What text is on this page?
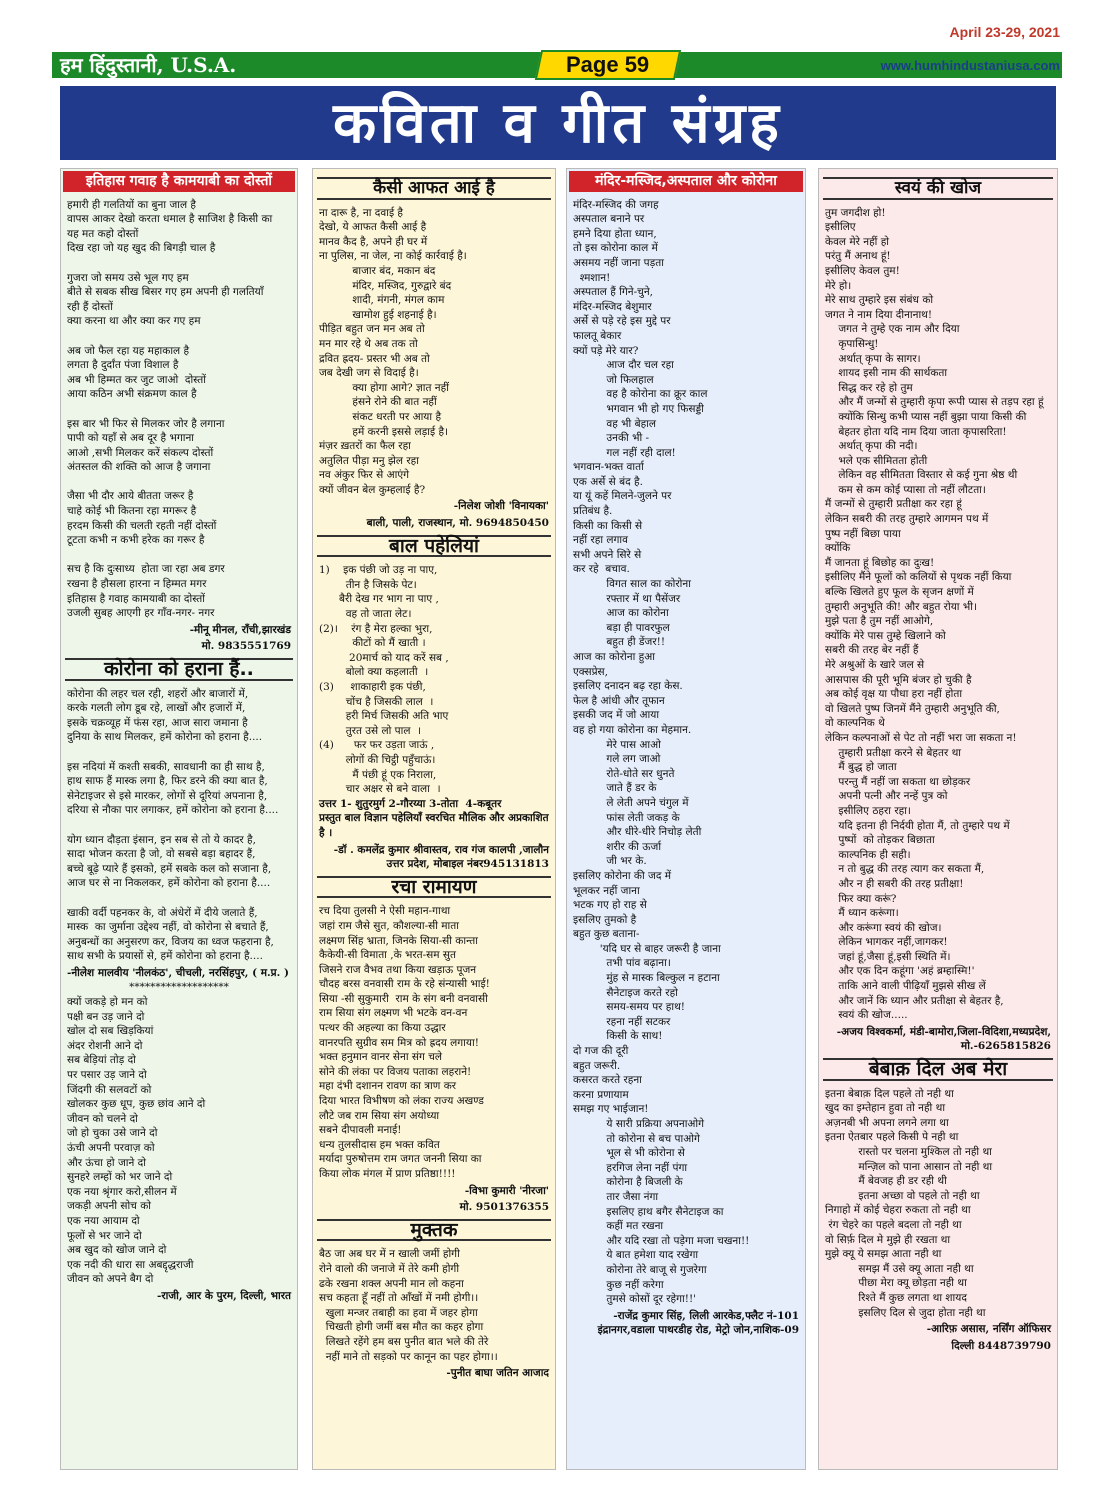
April 23-29, 2021
हम हिंदुस्तानी, U.S.A.	Page 59	www.humhindustaniusa.com
कविता व गीत संग्रह
इतिहास गवाह है कामयाबी का दोस्तों
हमारी ही गलतियों का बुना जाल है
वापस आकर देखो करता धमाल है साजिश है किसी का
यह मत कहो दोस्तों
दिख रहा जो यह खुद की बिगड़ी चाल है

गुजरा जो समय उसे भूल गए हम
बीते से सबक सीख बिसर गए हम अपनी ही गलतियाँ
रही हैं दोस्तों
क्या करना था और क्या कर गए हम

अब जो फैल रहा यह महाकाल है
लगता है दुर्दांत पंजा विशाल है
अब भी हिम्मत कर जुट जाओ  दोस्तों
आया कठिन अभी संक्रमण काल है

इस बार भी फिर से मिलकर जोर है लगाना
पापी को यहाँ से अब दूर है भगाना
आओ ,सभी मिलकर करें संकल्प दोस्तों
अंतस्तल की शक्ति को आज है जगाना

जैसा भी दौर आये बीतता जरूर है
चाहे कोई भी कितना रहा मगरूर है
हरदम किसी की चलती रहती नहीं दोस्तों
टूटता कभी न कभी हरेक का गरूर है

सच है कि दुःसाध्य  होता जा रहा अब डगर
रखना है हौसला हारना न हिम्मत मगर
इतिहास है गवाह कामयाबी का दोस्तों
उजली सुबह आएगी हर गाँव-नगर- नगर
-मीनू मीनल, राँची,झारखंड
मो. 9835551769
कोरोना को हराना हैं..
कोरोना की लहर चल रही, शहरों और बाजारों में,
करके गलती लोग डूब रहे, लाखों और हजारों में,
इसके चक्रव्यूह में फंस रहा, आज सारा जमाना है
दुनिया के साथ मिलकर, हमें कोरोना को हराना है....

इस नदियां में कश्ती सबकी, सावधानी का ही साथ है,
हाथ साफ हैं मास्क लगा है, फिर डरने की क्या बात है,
सेनेटाइजर से इसे मारकर, लोगों से दूरियां अपनाना है,
दरिया से नौका पार लगाकर, हमें कोरोना को हराना है....

योग ध्यान दौड़ता इंसान, इन सब से तो ये कादर है,
सादा भोजन करता है जो, वो सबसे बड़ा बहादर हैं,
बच्चे बूढ़े प्यारे हैं इसको, हमें सबके कल को सजाना है,
आज घर से ना निकलकर, हमें कोरोना को हराना है....

खाकी वर्दी पहनकर के, वो अंधेरों में दीये जलाते हैं,
मास्क  का जुर्माना उद्देश्य नहीं, वो कोरोना से बचाते हैं,
अनुबन्धों का अनुसरण कर, विजय का ध्वज फहराना है,
साथ सभी के प्रयासों से, हमें कोरोना को हराना है....
-नीलेश मालवीय 'नीलकंठ', चीचली, नरसिंहपुर, ( म.प्र. )
*******************
क्यों जकड़े हो मन को
पक्षी बन उड़ जाने दो
खोल दो सब खिड़कियां
अंदर रोशनी आने दो
सब बेड़ियां तोड़ दो
पर पसार उड़ जाने दो
जिंदगी की सलवटों को
खोलकर कुछ धूप, कुछ छांव आने दो
जीवन को चलने दो
जो हो चुका उसे जाने दो
ऊंची अपनी परवाज़ को
और ऊंचा हो जाने दो
सुनहरे लम्हों को भर जाने दो
एक नया श्रृंगार करो,सीलन में
जकड़ी अपनी सोच को
एक नया आयाम दो
फूलों से भर जाने दो
अब खुद को खोज जाने दो
एक नदी की धारा सा अबद्दृद्धराजी
जीवन को अपने बैग दो
-राजी, आर के पुरम, दिल्ली, भारत
कैसी आफत आई है
ना दारू है, ना दवाई है
देखो, ये आफत कैसी आई है
मानव कैद है, अपने ही घर में
ना पुलिस, ना जेल, ना कोई कार्रवाई है।
बाजार बंद, मकान बंद
मंदिर, मस्जिद, गुरुद्वारे बंद
शादी, मंगनी, मंगल काम
खामोश हुई शहनाई है।
पीड़ित बहुत जन मन अब तो
मन मार रहे थे अब तक तो
द्रवित ह्रदय- प्रस्तर भी अब तो
जब देखी जग से विदाई है।
क्या होगा आगे? ज्ञात नहीं
हंसने रोने की बात नहीं
संकट धरती पर आया है
हमें करनी इससे लड़ाई है।
मंज़र ख़तरों का फैल रहा
अतुलित पीड़ा मनु झेल रहा
नव अंकुर फिर से आएंगे
क्यों जीवन बेल कुम्हलाई है?
-निलेश जोशी 'विनायका'
बाली, पाली, राजस्थान, मो. 9694850450
बाल पहेलियां
1)    इक पंछी जो उड़ ना पाए,
तीन है जिसके पेट।
बैरी देख गर भाग ना पाए ,
वह तो जाता लेट।
(2)।    रंग है मेरा हल्का भुरा,
कीटों को मैं खाती ।
20मार्च को याद करें सब ,
बोलो क्या कहलाती  ।
(3)     शाकाहारी इक पंछी,
चोंच है जिसकी लाल  ।
हरी मिर्च जिसकी अति भाए
तुरत उसे लो पाल  ।
(4)      फर फर उड़ता जाऊं ,
लोगों की चिट्ठी पहुँचाऊं।
मैं पंछी हूं एक निराला,
चार अक्षर से बने वाला  ।
उत्तर 1- शुतुरमुर्ग 2-गौरय्या 3-तोता  4-कबूतर
प्रस्तुत बाल विज्ञान पहेलियाँ स्वरचित मौलिक और अप्रकाशित है ।
-डॉ . कमलेंद्र कुमार श्रीवास्तव, राव गंज कालपी ,जालौन उत्तर प्रदेश, मोबाइल नंबर945131813
रचा रामायण
रच दिया तुलसी ने ऐसी महान-गाथा
जहां राम जैसे सुत, कौशल्या-सी माता
लक्ष्मण सिंह भ्राता, जिनके सिया-सी कान्ता
कैकेयी-सी विमाता ,के भरत-सम सुत
जिसने राज वैभव तथा किया खड़ाऊ पूजन
चौदह बरस वनवासी राम के रहे संन्यासी भाई!
सिया -सी सुकुमारी  राम के संग बनी वनवासी
राम सिया संग लक्ष्मण भी भटके वन-वन
पत्थर की अहल्या का किया उद्धार
वानरपति सुग्रीव सम मित्र को ह्रदय लगाया!
भक्त हनुमान वानर सेना संग चले
सोने की लंका पर विजय पताका लहराने!
महा दंभी दशानन रावण का त्राण कर
दिया भारत विभीषण को लंका राज्य अखण्ड
लौटे जब राम सिया संग अयोध्या
सबने दीपावली मनाई!
धन्य तुलसीदास हम भक्त कवित
मर्यादा पुरुषोत्तम राम जगत जननी सिया का
किया लोक मंगल में प्राण प्रतिष्ठा!!!!
-विभा कुमारी 'नीरजा'
मो. 9501376355
मुक्तक
बैठ जा अब घर में न खाली जमीं होगी
रोने वालो की जनाजे में तेरे कमी होगी
ढके रखना शक्ल अपनी मान लो कहना
सच कहता हूँ नहीं तो आँखों में नमी होगी।।
खुला मन्जर तबाही का हवा में जहर होगा
चिखती होगी जमीं बस मौत का कहर होगा
लिखते रहेंगे हम बस पुनीत बात भले की तेरे
नहीं माने तो सड़को पर कानून का पहर होगा।।
-पुनीत बाघा जतिन आजाद
मंदिर-मस्जिद,अस्पताल और कोरोना
मंदिर-मस्जिद की जगह
अस्पताल बनाने पर
हमने दिया होता ध्यान,
तो इस कोरोना काल में
असमय नहीं जाना पड़ता
श्मशान!
अस्पताल हैं गिने-चुने,
मंदिर-मस्जिद बेशुमार
अर्से से पड़े रहे इस मुद्दे पर
फालतू बेकार
क्यों पड़े मेरे यार?
आज दौर चल रहा
जो फिलहाल
वह है कोरोना का क्रूर काल
भगवान भी हो गए फिसड्डी
वह भी बेहाल
उनकी भी -
गल नहीं रही दाल!
भगवान-भक्त वार्ता
एक अर्से से बंद है.
या यूं कहें मिलने-जुलने पर
प्रतिबंध है.
किसी का किसी से
नहीं रहा लगाव
सभी अपने सिरे से
कर रहे  बचाव.
विगत साल का कोरोना
रफ्तार में था पैसेंजर
आज का कोरोना
बड़ा ही पावरफुल
बहुत ही डेंजर!!
आज का कोरोना हुआ
एक्सप्रेस,
इसलिए दनादन बढ़ रहा केस.
फेल है आंधी और तूफान
इसकी जद में जो आया
वह हो गया कोरोना का मेहमान.
मेरे पास आओ
गले लग जाओ
रोते-धोते सर धुनते
जाते हैं डर के
ले लेती अपने चंगुल में
फांस लेती जकड़ के
और धीरे-धीरे निचोड़ लेती
शरीर की ऊर्जा
जी भर के.
इसलिए कोरोना की जद में
भूलकर नहीं जाना
भटक गए हो राह से
इसलिए तुमको है
बहुत कुछ बताना-
'यदि घर से बाहर जरूरी है जाना
तभी पांव बढ़ाना।
मुंह से मास्क बिल्कुल न हटाना
सैनेटाइज करते रहो
समय-समय पर हाथ!
रहना नहीं सटकर
किसी के साथ!
दो गज की दूरी
बहुत जरूरी.
कसरत करते रहना
करना प्रणायाम
समझ गए भाईजान!
ये सारी प्रक्रिया अपनाओगे
तो कोरोना से बच पाओगे
भूल से भी कोरोना से
हरगिज लेना नहीं पंगा
कोरोना है बिजली के
तार जैसा नंगा
इसलिए हाथ बगैर सैनेटाइज का
कहीं मत रखना
और यदि रखा तो पड़ेगा मजा चखना!!
ये बात हमेशा याद रखेगा
कोरोना तेरे बाजू से गुजरेगा
कुछ नहीं करेगा
तुमसे कोसों दूर रहेगा!!'
-राजेंद्र कुमार सिंह, लिली आरकेड,फ्लैट नं-101 इंद्रानगर,वडाला पाथरडीह रोड, मेट्रो जोन,नाशिक-09
स्वयं की खोज
तुम जगदीश हो!
इसीलिए
केवल मेरे नहीं हो
परंतु मैं अनाथ हूं!
इसीलिए केवल तुम!
मेरे हो।
मेरे साथ तुम्हारे इस संबंध को
जगत ने नाम दिया दीनानाथ!
जगत ने तुम्हे एक नाम और दिया
कृपासिन्धु!
अर्थात् कृपा के सागर।
शायद इसी नाम की सार्थकता
सिद्ध कर रहे हो तुम
और मैं जन्मों से तुम्हारी कृपा रूपी प्यास से तड़प रहा हूं
क्योंकि सिन्धु कभी प्यास नहीं बुझा पाया किसी की
बेहतर होता यदि नाम दिया जाता कृपासरिता!
अर्थात् कृपा की नदी।
भले एक सीमितता होती
लेकिन वह सीमितता विस्तार से कई गुना श्रेष्ठ थी
कम से कम कोई प्यासा तो नहीं लौटता।
मैं जन्मों से तुम्हारी प्रतीक्षा कर रहा हूं
लेकिन सबरी की तरह तुम्हारे आगमन पथ में
पुष्प नहीं बिछा पाया
क्योंकि
मैं जानता हूं बिछोह का दुःख!
इसीलिए मैंने फूलों को कलियों से पृथक नहीं किया
बल्कि खिलते हुए फूल के सृजन क्षणों में
तुम्हारी अनुभूति की! और बहुत रोया भी।
मुझे पता है तुम नहीं आओगे,
क्योंकि मेरे पास तुम्हे खिलाने को
सबरी की तरह बेर नहीं हैं
मेरे अश्रुओं के खारे जल से
आसपास की पूरी भूमि बंजर हो चुकी है
अब कोई वृक्ष या पौधा हरा नहीं होता
वो खिलते पुष्प जिनमें मैंने तुम्हारी अनुभूति की,
वो काल्पनिक थे
लेकिन कल्पनाओं से पेट तो नहीं भरा जा सकता न!
तुम्हारी प्रतीक्षा करने से बेहतर था
मैं बुद्ध हो जाता
परन्तु मैं नहीं जा सकता था छोड़कर
अपनी पत्नी और नन्हें पुत्र को
इसीलिए ठहरा रहा।
यदि इतना ही निर्दयी होता मैं, तो तुम्हारे पथ में
पुष्पों  को तोड़कर बिछाता
काल्पनिक ही सही।
न तो बुद्ध की तरह त्याग कर सकता मैं,
और न ही सबरी की तरह प्रतीक्षा!
फिर क्या करूं?
मैं ध्यान करूंगा।
और करूंगा स्वयं की खोज।
लेकिन भागकर नहीं,जागकर!
जहां हूं,जैसा हूं,इसी स्थिति में।
और एक दिन कहूंगा 'अहं ब्रम्हास्मि!'
ताकि आने वाली पीढ़ियाँ मुझसे सीख लें
और जानें कि ध्यान और प्रतीक्षा से बेहतर है,
स्वयं की खोज.....
-अजय विश्वकर्मा, मंडी-बामोरा,जिला-विदिशा,मध्यप्रदेश, मो.-6265815826
बेबाक़ दिल अब मेरा
इतना बेबाक़ दिल पहले तो नही था
खुद का इम्तेहान हुवा तो नही था
अज़नबी भी अपना लगने लगा था
इतना ऐतबार पहले किसी पे नही था
रास्तो पर चलना मुश्किल तो नही था
मन्ज़िल को पाना आसान तो नही था
मैं बेवजह ही डर रही थी
इतना अच्छा वो पहले तो नही था
निगाहो में कोई चेहरा रुकता तो नही था
रंग चेहरे का पहले बदला तो नही था
वो सिर्फ़ दिल मे मुझे ही रखता था
मुझे क्यू ये समझ आता नही था
समझ मैं उसे क्यू आता नही था
पीछा मेरा क्यू छोड़ता नही था
रिश्ते मैं कुछ लगता था शायद
इसलिए दिल से जुदा होता नही था
-आरिफ़ असास, नर्सिंग ऑफिसर
दिल्ली 8448739790
